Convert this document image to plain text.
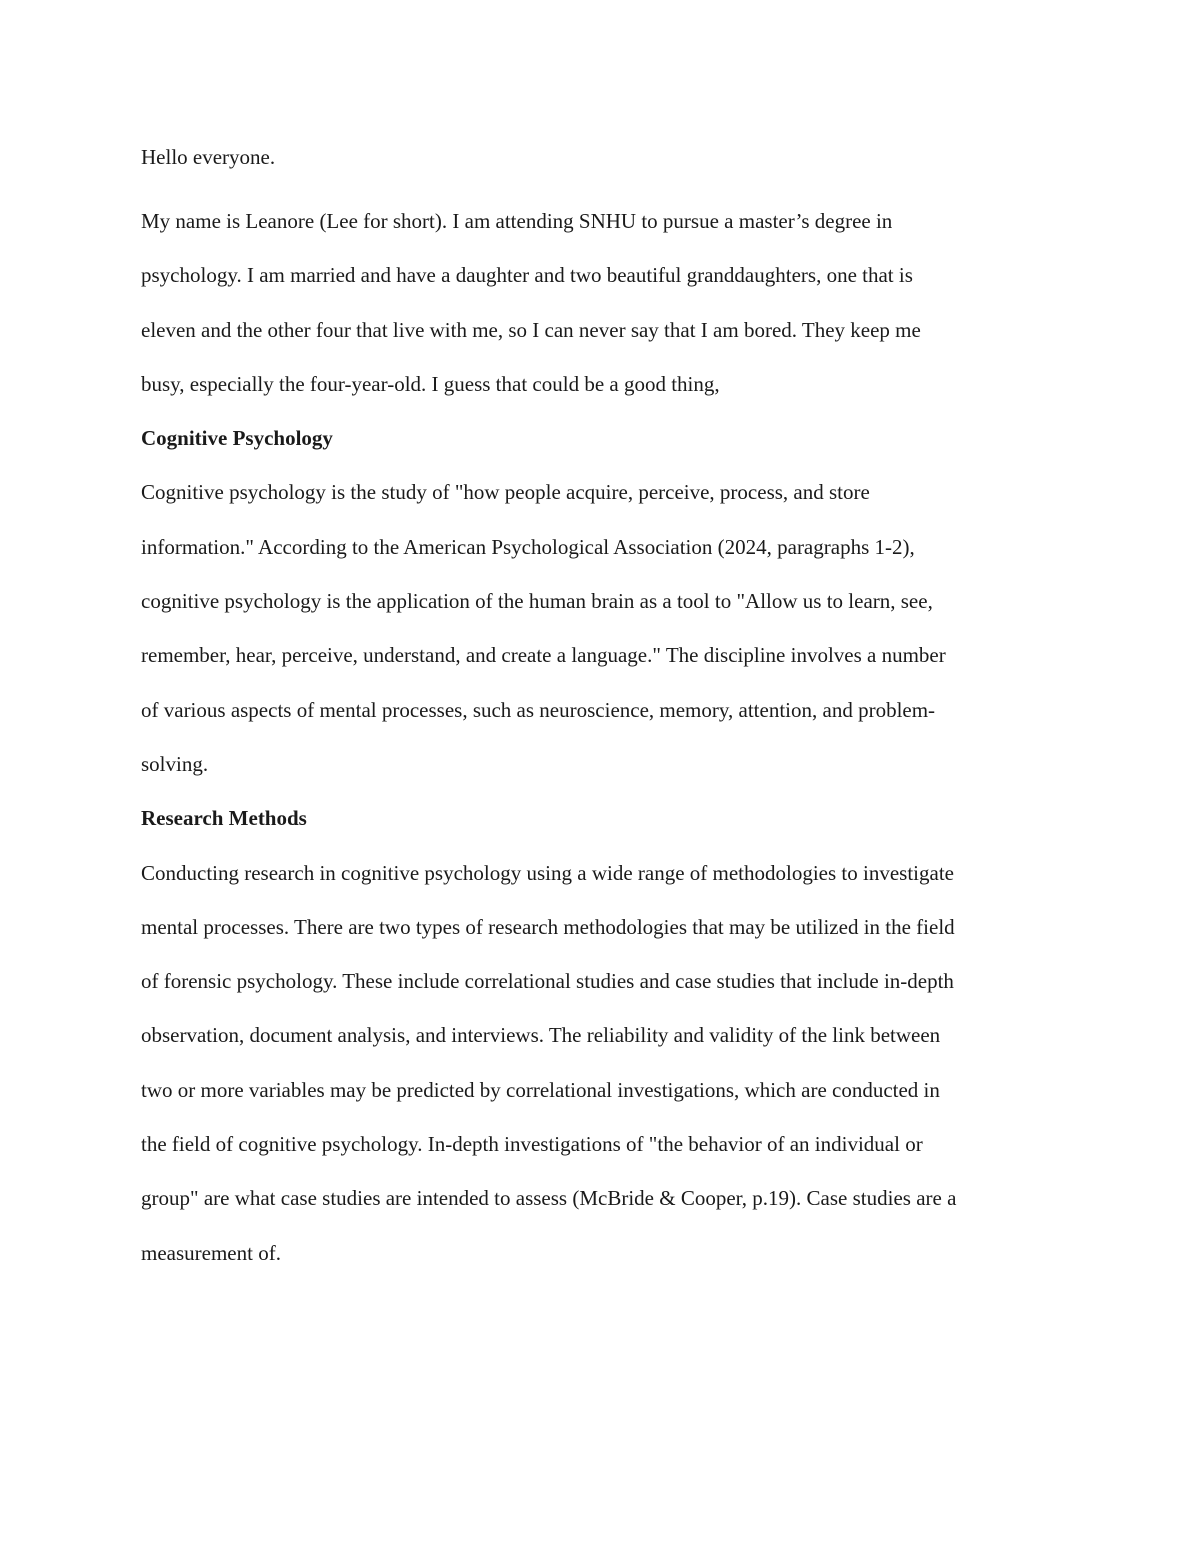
Hello everyone.
My name is Leanore (Lee for short). I am attending SNHU to pursue a master’s degree in
psychology. I am married and have a daughter and two beautiful granddaughters, one that is
eleven and the other four that live with me, so I can never say that I am bored. They keep me
busy, especially the four-year-old. I guess that could be a good thing,
Cognitive Psychology
Cognitive psychology is the study of "how people acquire, perceive, process, and store
information." According to the American Psychological Association (2024, paragraphs 1-2),
cognitive psychology is the application of the human brain as a tool to "Allow us to learn, see,
remember, hear, perceive, understand, and create a language." The discipline involves a number
of various aspects of mental processes, such as neuroscience, memory, attention, and problem-
solving.
Research Methods
Conducting research in cognitive psychology using a wide range of methodologies to investigate
mental processes. There are two types of research methodologies that may be utilized in the field
of forensic psychology. These include correlational studies and case studies that include in-depth
observation, document analysis, and interviews. The reliability and validity of the link between
two or more variables may be predicted by correlational investigations, which are conducted in
the field of cognitive psychology. In-depth investigations of "the behavior of an individual or
group" are what case studies are intended to assess (McBride & Cooper, p.19). Case studies are a
measurement of.
